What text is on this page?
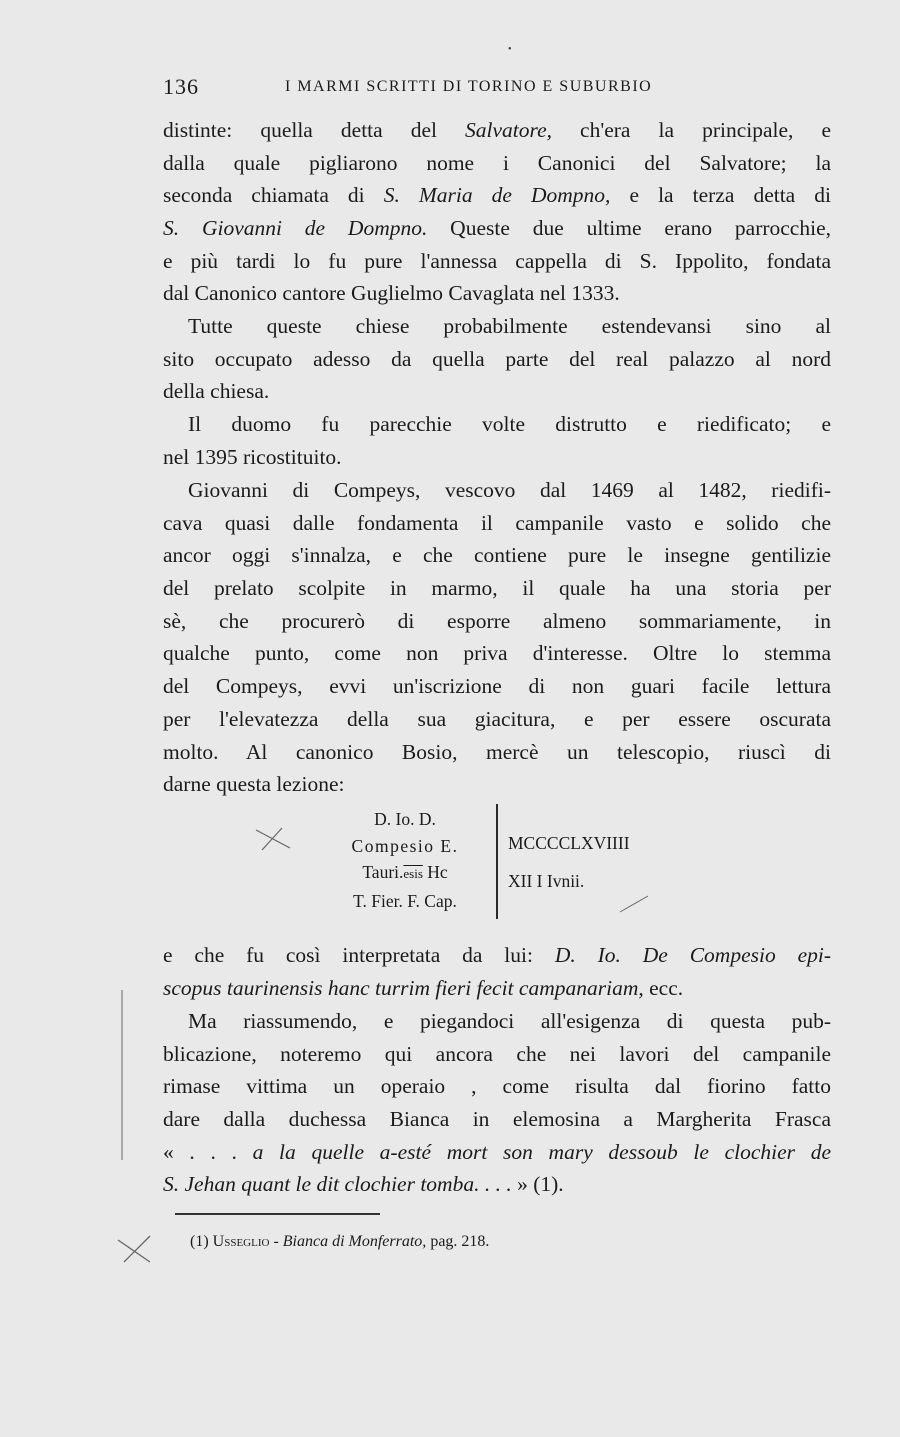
•
136	I MARMI SCRITTI DI TORINO E SUBURBIO
distinte: quella detta del Salvatore, ch'era la principale, e
dalla quale pigliarono nome i Canonici del Salvatore; la
seconda chiamata di S. Maria de Dompno, e la terza detta di
S. Giovanni de Dompno. Queste due ultime erano parrocchie,
e più tardi lo fu pure l'annessa cappella di S. Ippolito, fondata
dal Canonico cantore Guglielmo Cavaglata nel 1333.
Tutte queste chiese probabilmente estendevansi sino al
sito occupato adesso da quella parte del real palazzo al nord
della chiesa.
Il duomo fu parecchie volte distrutto e riedificato; e
nel 1395 ricostituito.
Giovanni di Compeys, vescovo dal 1469 al 1482, riedifi-
cava quasi dalle fondamenta il campanile vasto e solido che
ancor oggi s'innalza, e che contiene pure le insegne gentilizie
del prelato scolpite in marmo, il quale ha una storia per
sè, che procurerò di esporre almeno sommariamente, in
qualche punto, come non priva d'interesse. Oltre lo stemma
del Compeys, evvi un'iscrizione di non guari facile lettura
per l'elevatezza della sua giacitura, e per essere oscurata
molto. Al canonico Bosio, mercè un telescopio, riuscì di
darne questa lezione:
D. Io. D.
Compesio E.
Tauri.esis Hc
T. Fier. F. Cap.
MCCCCLXVIIII
XII I Ivnii.
e che fu così interpretata da lui: D. Io. De Compesio epi-
scopus taurinensis hanc turrim fieri fecit campanariam, ecc.
Ma riassumendo, e piegandoci all'esigenza di questa pub-
blicazione, noteremo qui ancora che nei lavori del campanile
rimase vittima un operaio , come risulta dal fiorino fatto
dare dalla duchessa Bianca in elemosina a Margherita Frasca
« . . . a la quelle a-esté mort son mary dessoub le clochier de
S. Jehan quant le dit clochier tomba. . . . » (1).
(1) Usseglio - Bianca di Monferrato, pag. 218.
